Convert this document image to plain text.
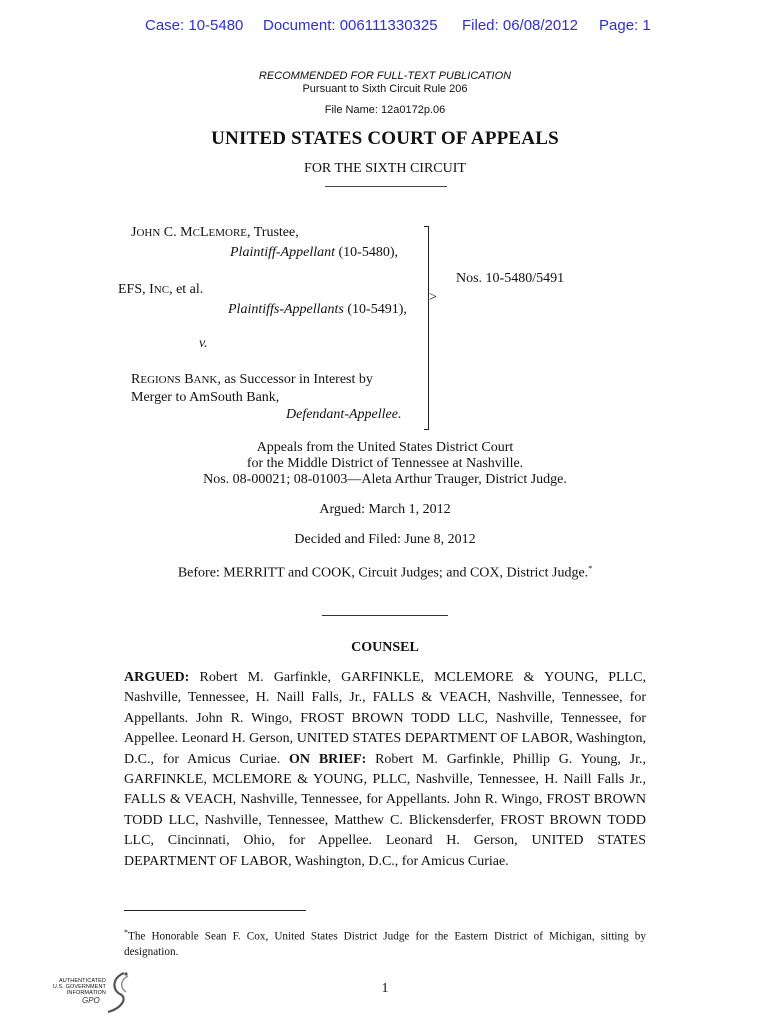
Case: 10-5480 Document: 006111330325 Filed: 06/08/2012 Page: 1
RECOMMENDED FOR FULL-TEXT PUBLICATION
Pursuant to Sixth Circuit Rule 206
File Name: 12a0172p.06
UNITED STATES COURT OF APPEALS
FOR THE SIXTH CIRCUIT
JOHN C. MCLEMORE, Trustee,
Plaintiff-Appellant (10-5480),
EFS, INC, et al.
Plaintiffs-Appellants (10-5491),
v.
REGIONS BANK, as Successor in Interest by
Merger to AmSouth Bank,
Defendant-Appellee.
>
Nos. 10-5480/5491
Appeals from the United States District Court
for the Middle District of Tennessee at Nashville.
Nos. 08-00021; 08-01003—Aleta Arthur Trauger, District Judge.
Argued: March 1, 2012
Decided and Filed: June 8, 2012
Before: MERRITT and COOK, Circuit Judges; and COX, District Judge.*
COUNSEL
ARGUED: Robert M. Garfinkle, GARFINKLE, MCLEMORE & YOUNG, PLLC, Nashville, Tennessee, H. Naill Falls, Jr., FALLS & VEACH, Nashville, Tennessee, for Appellants. John R. Wingo, FROST BROWN TODD LLC, Nashville, Tennessee, for Appellee. Leonard H. Gerson, UNITED STATES DEPARTMENT OF LABOR, Washington, D.C., for Amicus Curiae. ON BRIEF: Robert M. Garfinkle, Phillip G. Young, Jr., GARFINKLE, MCLEMORE & YOUNG, PLLC, Nashville, Tennessee, H. Naill Falls Jr., FALLS & VEACH, Nashville, Tennessee, for Appellants. John R. Wingo, FROST BROWN TODD LLC, Nashville, Tennessee, Matthew C. Blickensderfer, FROST BROWN TODD LLC, Cincinnati, Ohio, for Appellee. Leonard H. Gerson, UNITED STATES DEPARTMENT OF LABOR, Washington, D.C., for Amicus Curiae.
*The Honorable Sean F. Cox, United States District Judge for the Eastern District of Michigan, sitting by designation.
1
AUTHENTICATED
U.S. GOVERNMENT
INFORMATION
GPO
